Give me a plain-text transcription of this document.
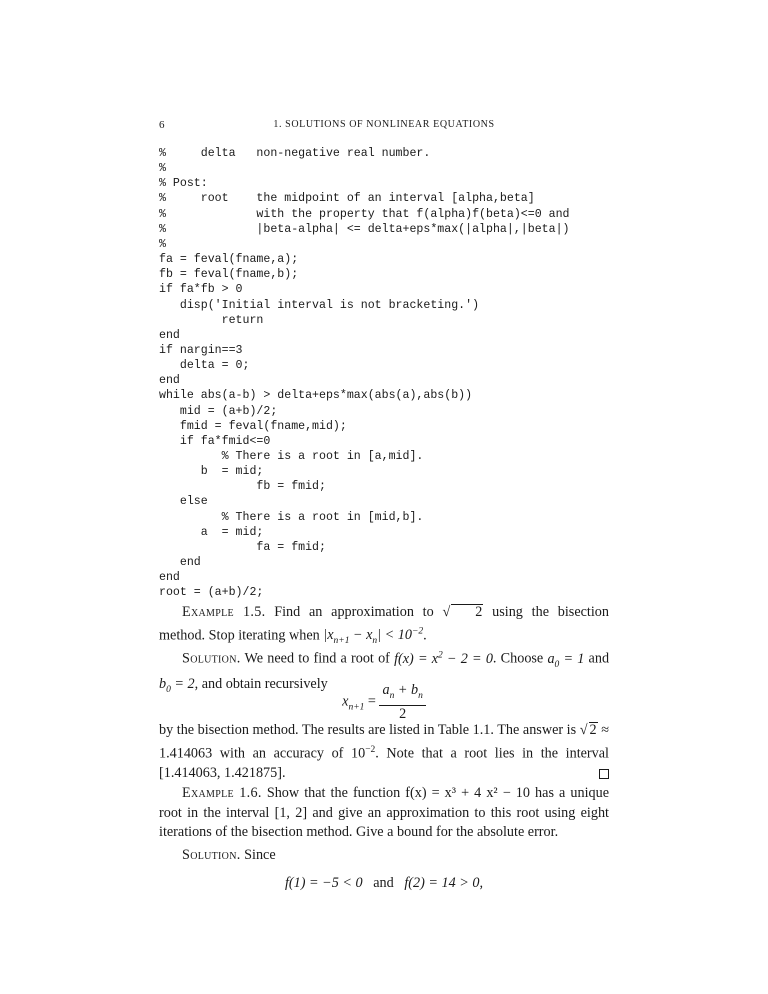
6	1. SOLUTIONS OF NONLINEAR EQUATIONS
%     delta   non-negative real number.
%
% Post:
%     root    the midpoint of an interval [alpha,beta]
%             with the property that f(alpha)f(beta)<=0 and
%             |beta-alpha| <= delta+eps*max(|alpha|,|beta|)
%
fa = feval(fname,a);
fb = feval(fname,b);
if fa*fb > 0
disp('Initial interval is not bracketing.')
return
end
if nargin==3
delta = 0;
end
while abs(a-b) > delta+eps*max(abs(a),abs(b))
mid = (a+b)/2;
fmid = feval(fname,mid);
if fa*fmid<=0
% There is a root in [a,mid].
b  = mid;
fb = fmid;
else
% There is a root in [mid,b].
a  = mid;
fa = fmid;
end
end
root = (a+b)/2;
Example 1.5. Find an approximation to √ 2 using the bisection method. Stop iterating when $|x_{n+1} - x_n| < 10^{-2}$.
Solution. We need to find a root of $f(x) = x^2 - 2 = 0$. Choose $a_0 = 1$ and $b_0 = 2$, and obtain recursively
$x_{n+1} = \frac{a_n + b_n}{2}$
by the bisection method. The results are listed in Table 1.1. The answer is √ 2 ≈ 1.414063 with an accuracy of $10^{-2}$. Note that a root lies in the interval [1.414063, 1.421875].
Example 1.6. Show that the function f(x) = x³ + 4 x² − 10 has a unique root in the interval [1, 2] and give an approximation to this root using eight iterations of the bisection method. Give a bound for the absolute error.
Solution. Since
f(1) = −5 < 0 and f(2) = 14 > 0,
